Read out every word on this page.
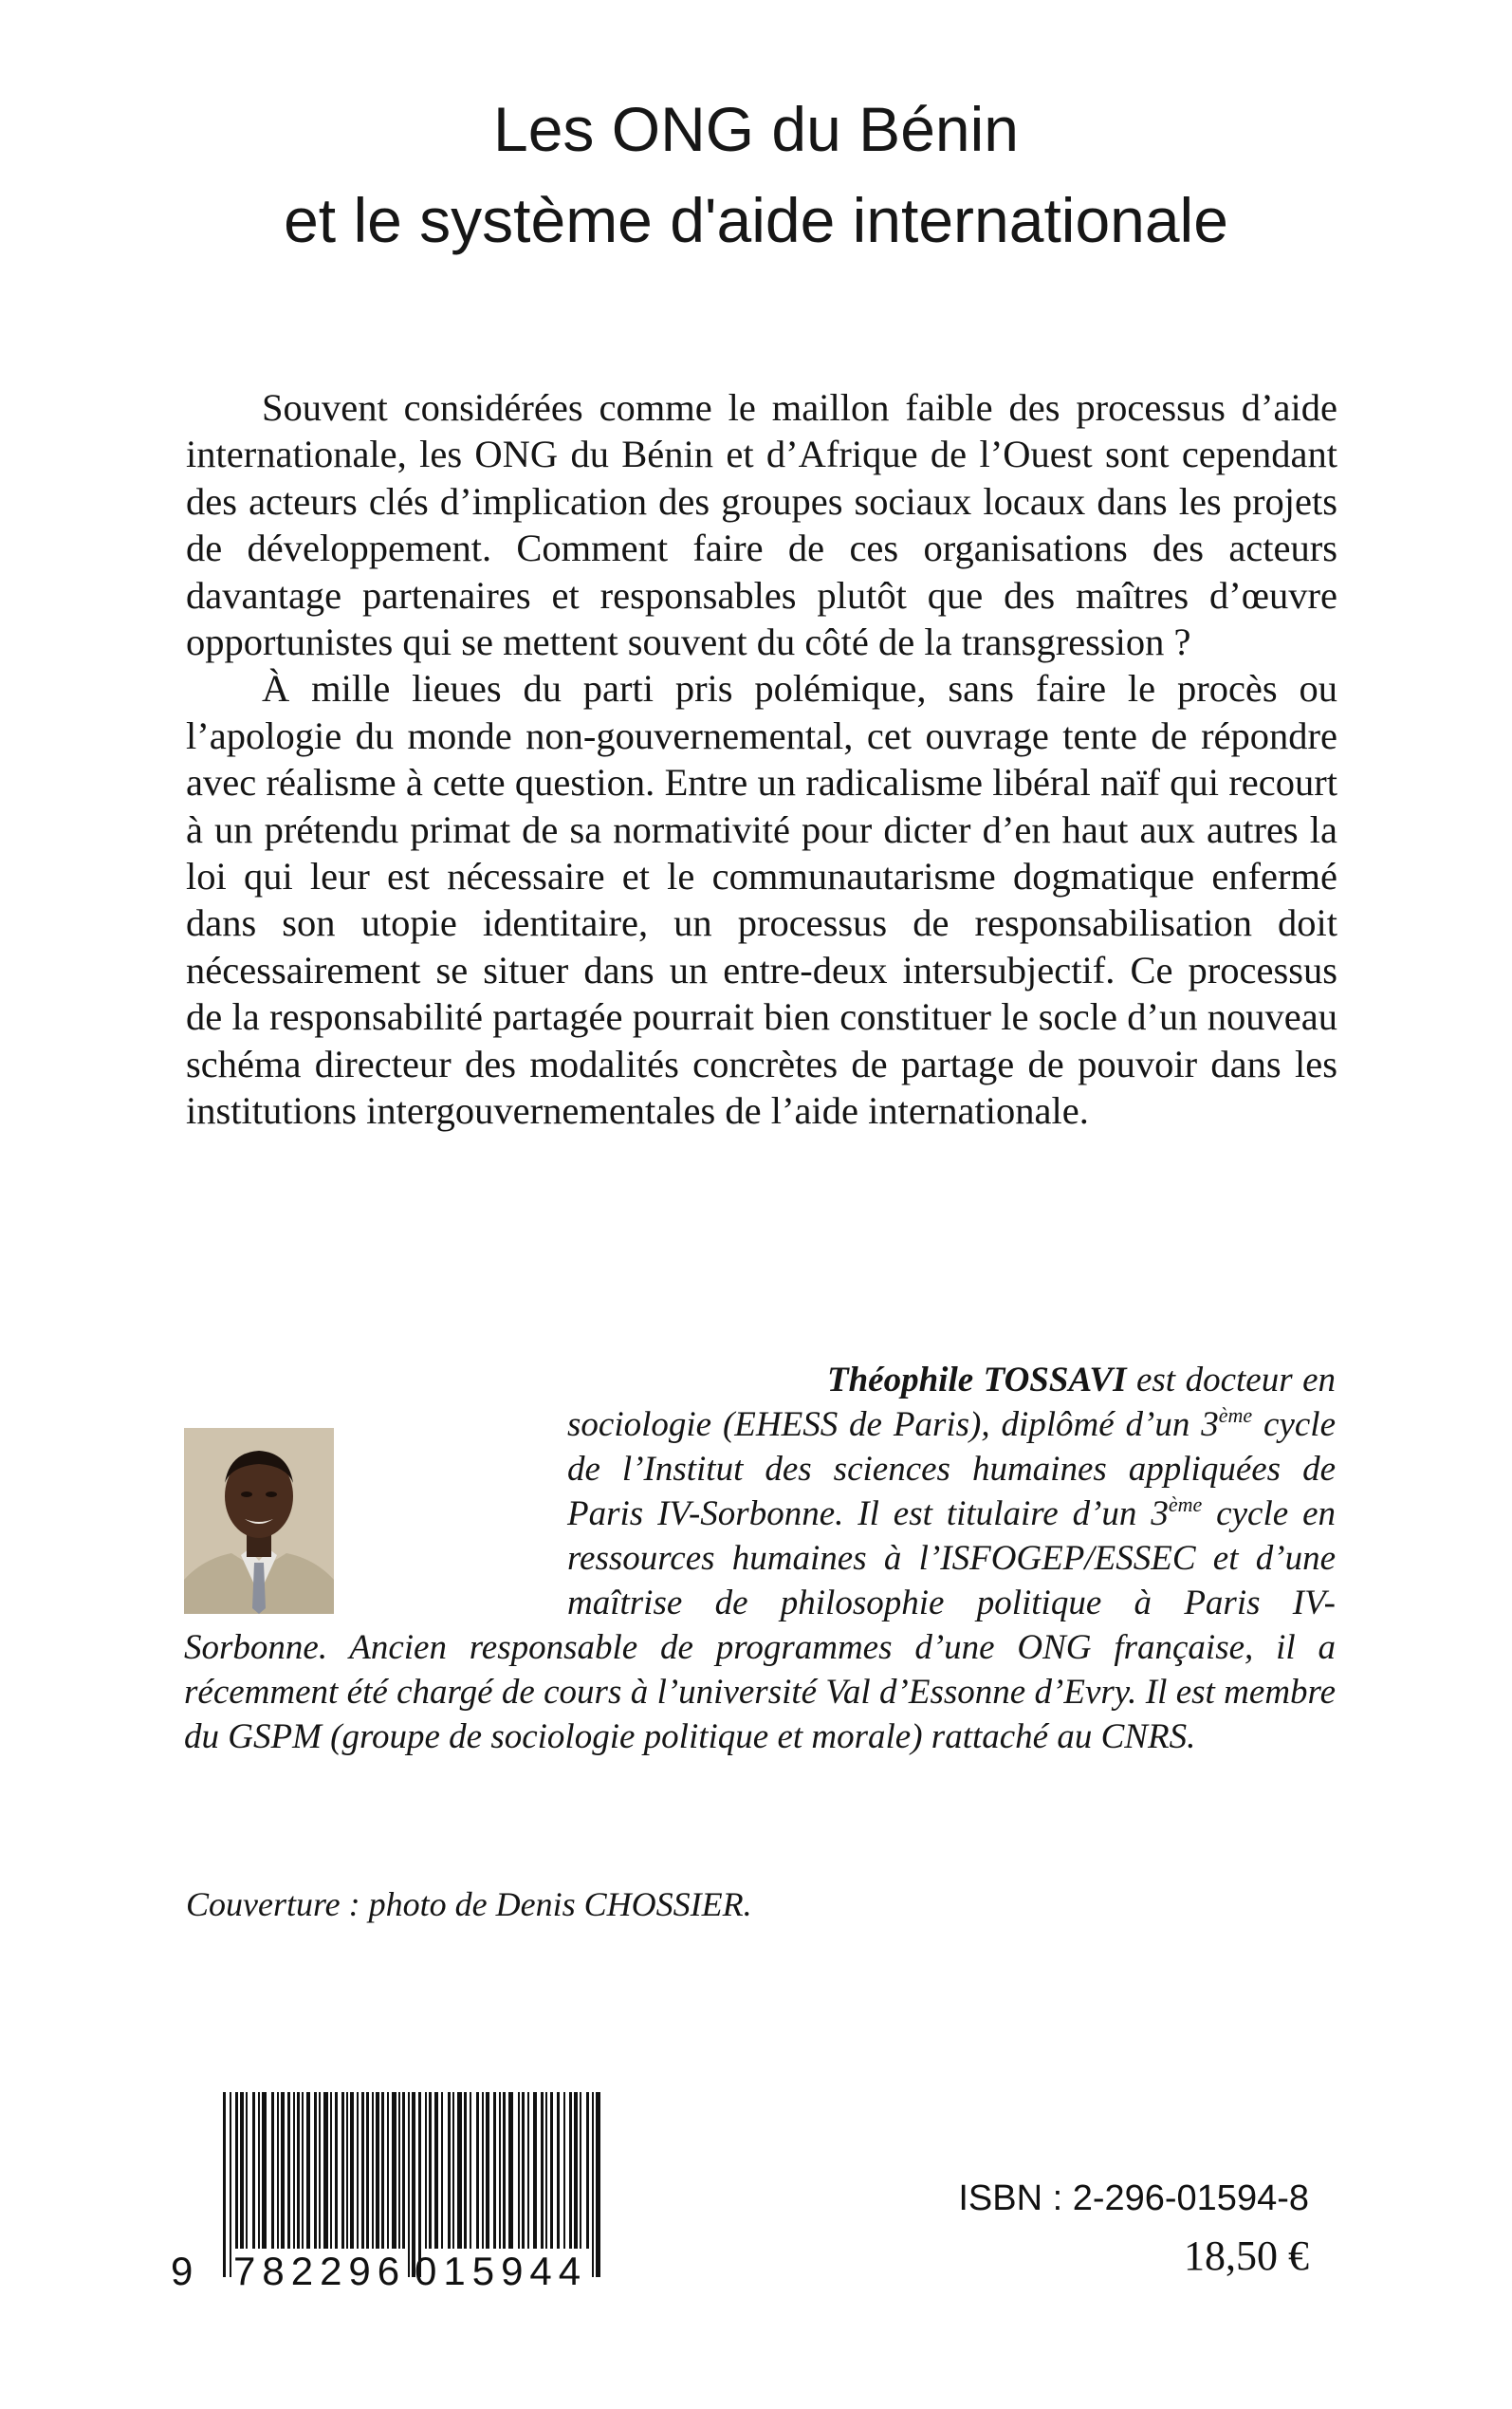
Les ONG du Bénin
et le système d'aide internationale

Souvent considérées comme le maillon faible des processus d’aide internationale, les ONG du Bénin et d’Afrique de l’Ouest sont cependant des acteurs clés d’implication des groupes sociaux locaux dans les projets de développement. Comment faire de ces organisations des acteurs davantage partenaires et responsables plutôt que des maîtres d’œuvre opportunistes qui se mettent souvent du côté de la transgression ?

À mille lieues du parti pris polémique, sans faire le procès ou l’apologie du monde non-gouvernemental, cet ouvrage tente de répondre avec réalisme à cette question. Entre un radicalisme libéral naïf qui recourt à un prétendu primat de sa normativité pour dicter d’en haut aux autres la loi qui leur est nécessaire et le communautarisme dogmatique enfermé dans son utopie identitaire, un processus de responsabilisation doit nécessairement se situer dans un entre-deux intersubjectif. Ce processus de la responsabilité partagée pourrait bien constituer le socle d’un nouveau schéma directeur des modalités concrètes de partage de pouvoir dans les institutions intergouvernementales de l’aide internationale.

Théophile TOSSAVI est docteur en sociologie (EHESS de Paris), diplômé d’un 3ème cycle de l’Institut des sciences humaines appliquées de Paris IV-Sorbonne. Il est titulaire d’un 3ème cycle en ressources humaines à l’ISFOGEP/ESSEC et d’une maîtrise de philosophie politique à Paris IV-Sorbonne. Ancien responsable de programmes d’une ONG française, il a récemment été chargé de cours à l’université Val d’Essonne d’Evry. Il est membre du GSPM (groupe de sociologie politique et morale) rattaché au CNRS.

Couverture : photo de Denis CHOSSIER.
9 782296 015944
ISBN : 2-296-01594-8
18,50 €
